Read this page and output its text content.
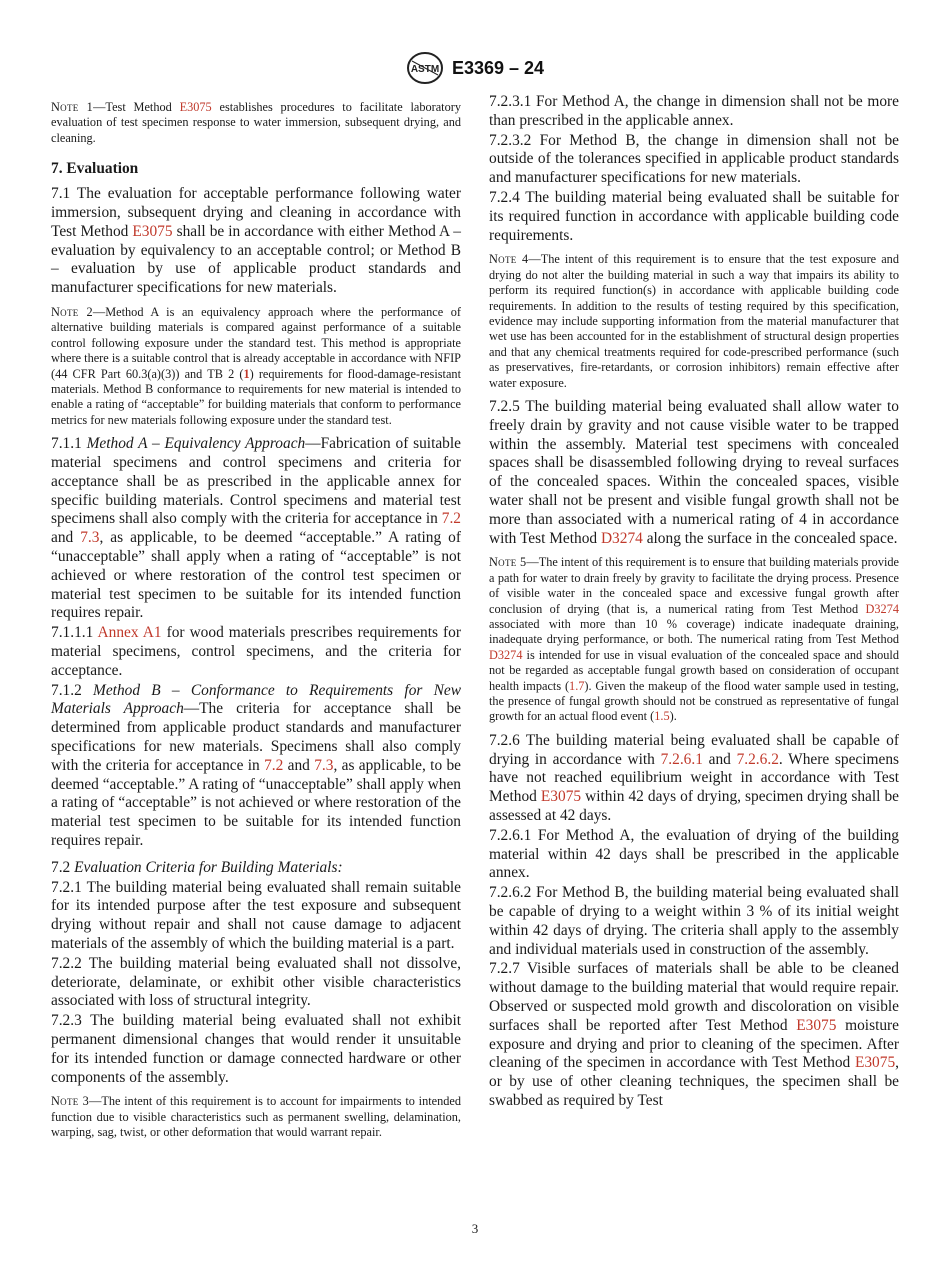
ASTM E3369 – 24

Note 1—Test Method E3075 establishes procedures to facilitate laboratory evaluation of test specimen response to water immersion, subsequent drying, and cleaning.

7. Evaluation

7.1 The evaluation for acceptable performance following water immersion, subsequent drying and cleaning in accordance with Test Method E3075 shall be in accordance with either Method A – evaluation by equivalency to an acceptable control; or Method B – evaluation by use of applicable product standards and manufacturer specifications for new materials.

Note 2—Method A is an equivalency approach where the performance of alternative building materials is compared against performance of a suitable control following exposure under the standard test. This method is appropriate where there is a suitable control that is already acceptable in accordance with NFIP (44 CFR Part 60.3(a)(3)) and TB 2 (1) requirements for flood-damage-resistant materials. Method B conformance to requirements for new material is intended to enable a rating of “acceptable” for building materials that conform to performance metrics for new materials following exposure under the standard test.

7.1.1 Method A – Equivalency Approach—Fabrication of suitable material specimens and control specimens and criteria for acceptance shall be as prescribed in the applicable annex for specific building materials. Control specimens and material test specimens shall also comply with the criteria for acceptance in 7.2 and 7.3, as applicable, to be deemed “acceptable.” A rating of “unacceptable” shall apply when a rating of “acceptable” is not achieved or where restoration of the control test specimen or material test specimen to be suitable for its intended function requires repair.

7.1.1.1 Annex A1 for wood materials prescribes requirements for material specimens, control specimens, and the criteria for acceptance.

7.1.2 Method B – Conformance to Requirements for New Materials Approach—The criteria for acceptance shall be determined from applicable product standards and manufacturer specifications for new materials. Specimens shall also comply with the criteria for acceptance in 7.2 and 7.3, as applicable, to be deemed “acceptable.” A rating of “unacceptable” shall apply when a rating of “acceptable” is not achieved or where restoration of the material test specimen to be suitable for its intended function requires repair.

7.2 Evaluation Criteria for Building Materials:

7.2.1 The building material being evaluated shall remain suitable for its intended purpose after the test exposure and subsequent drying without repair and shall not cause damage to adjacent materials of the assembly of which the building material is a part.

7.2.2 The building material being evaluated shall not dissolve, deteriorate, delaminate, or exhibit other visible characteristics associated with loss of structural integrity.

7.2.3 The building material being evaluated shall not exhibit permanent dimensional changes that would render it unsuitable for its intended function or damage connected hardware or other components of the assembly.

Note 3—The intent of this requirement is to account for impairments to intended function due to visible characteristics such as permanent swelling, delamination, warping, sag, twist, or other deformation that would warrant repair.

7.2.3.1 For Method A, the change in dimension shall not be more than prescribed in the applicable annex.

7.2.3.2 For Method B, the change in dimension shall not be outside of the tolerances specified in applicable product standards and manufacturer specifications for new materials.

7.2.4 The building material being evaluated shall be suitable for its required function in accordance with applicable building code requirements.

Note 4—The intent of this requirement is to ensure that the test exposure and drying do not alter the building material in such a way that impairs its ability to perform its required function(s) in accordance with applicable building code requirements. In addition to the results of testing required by this specification, evidence may include supporting information from the material manufacturer that wet use has been accounted for in the establishment of structural design properties and that any chemical treatments required for code-prescribed performance (such as preservatives, fire-retardants, or corrosion inhibitors) remain effective after water exposure.

7.2.5 The building material being evaluated shall allow water to freely drain by gravity and not cause visible water to be trapped within the assembly. Material test specimens with concealed spaces shall be disassembled following drying to reveal surfaces of the concealed spaces. Within the concealed spaces, visible water shall not be present and visible fungal growth shall not be more than associated with a numerical rating of 4 in accordance with Test Method D3274 along the surface in the concealed space.

Note 5—The intent of this requirement is to ensure that building materials provide a path for water to drain freely by gravity to facilitate the drying process. Presence of visible water in the concealed space and excessive fungal growth after conclusion of drying (that is, a numerical rating from Test Method D3274 associated with more than 10 % coverage) indicate inadequate draining, inadequate drying performance, or both. The numerical rating from Test Method D3274 is intended for use in visual evaluation of the concealed space and should not be regarded as acceptable fungal growth based on consideration of occupant health impacts (1.7). Given the makeup of the flood water sample used in testing, the presence of fungal growth should not be construed as representative of fungal growth for an actual flood event (1.5).

7.2.6 The building material being evaluated shall be capable of drying in accordance with 7.2.6.1 and 7.2.6.2. Where specimens have not reached equilibrium weight in accordance with Test Method E3075 within 42 days of drying, specimen drying shall be assessed at 42 days.

7.2.6.1 For Method A, the evaluation of drying of the building material within 42 days shall be prescribed in the applicable annex.

7.2.6.2 For Method B, the building material being evaluated shall be capable of drying to a weight within 3 % of its initial weight within 42 days of drying. The criteria shall apply to the assembly and individual materials used in construction of the assembly.

7.2.7 Visible surfaces of materials shall be able to be cleaned without damage to the building material that would require repair. Observed or suspected mold growth and discoloration on visible surfaces shall be reported after Test Method E3075 moisture exposure and drying and prior to cleaning of the specimen. After cleaning of the specimen in accordance with Test Method E3075, or by use of other cleaning techniques, the specimen shall be swabbed as required by Test

3
